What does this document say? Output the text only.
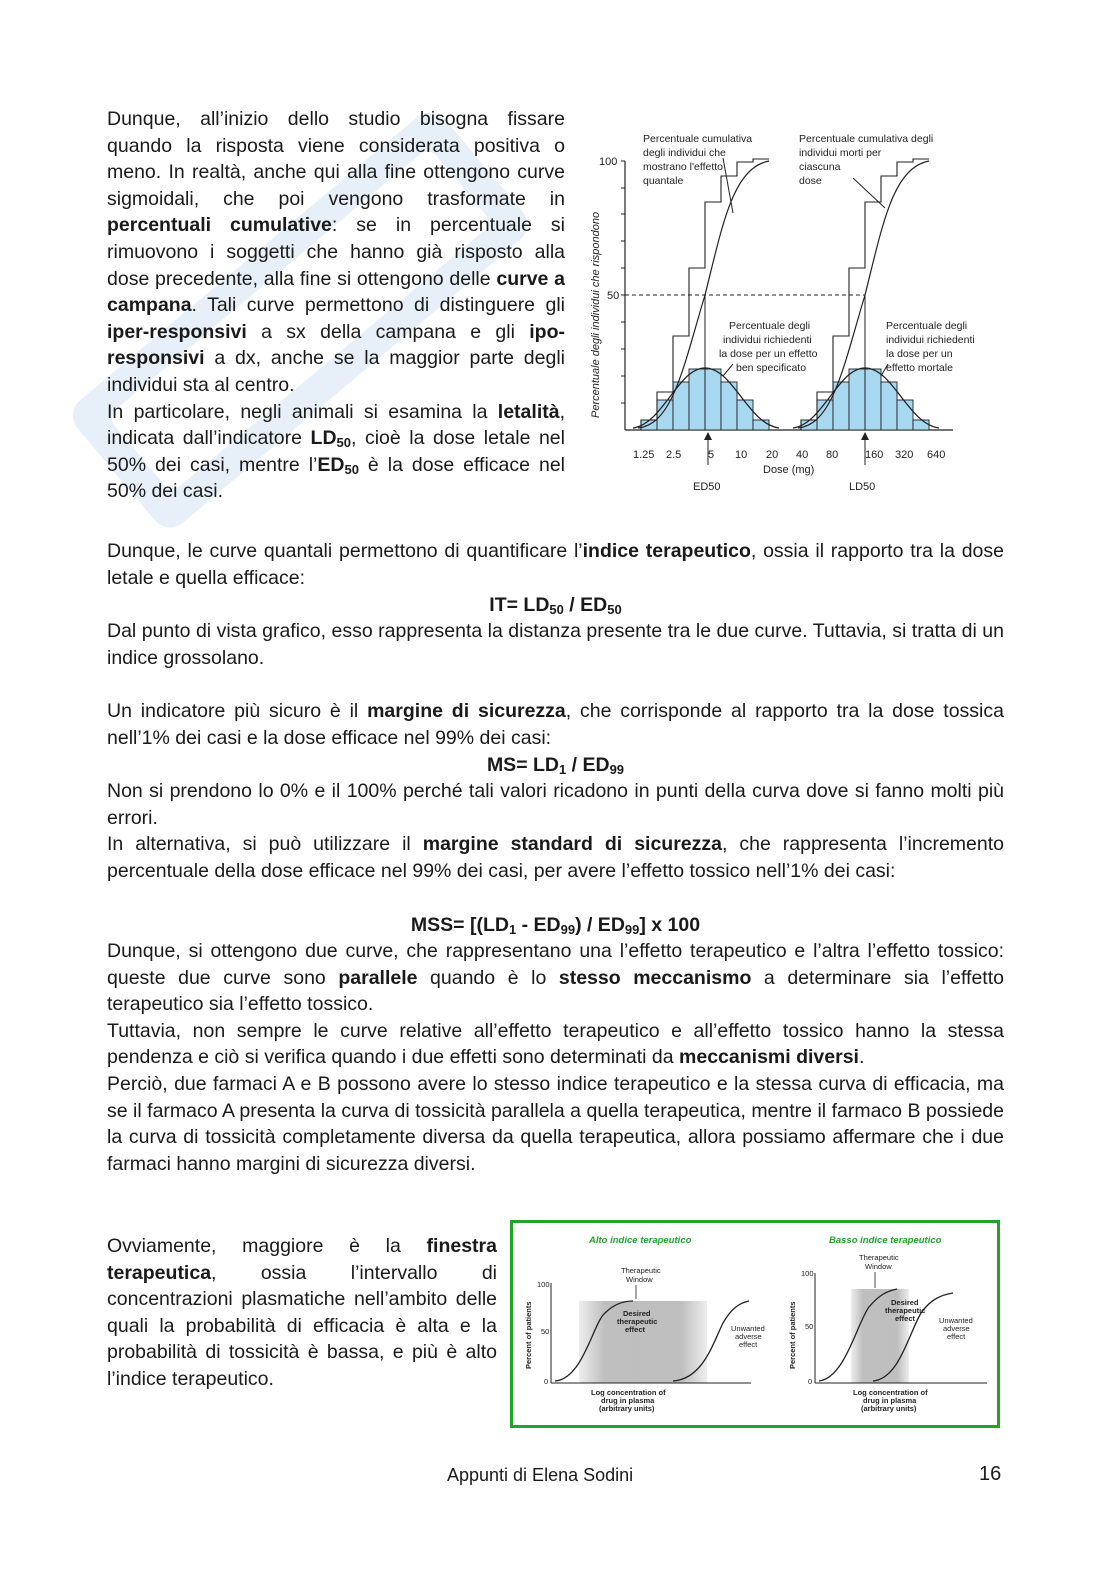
Dunque, all’inizio dello studio bisogna fissare quando la risposta viene considerata positiva o meno. In realtà, anche qui alla fine ottengono curve sigmoidali, che poi vengono trasformate in percentuali cumulative: se in percentuale si rimuovono i soggetti che hanno già risposto alla dose precedente, alla fine si ottengono delle curve a campana. Tali curve permettono di distinguere gli iper-responsivi a sx della campana e gli ipo-responsivi a dx, anche se la maggior parte degli individui sta al centro.
In particolare, negli animali si esamina la letalità, indicata dall’indicatore $LD_{50}$, cioè la dose letale nel 50% dei casi, mentre $l’ED_{50}$ è la dose efficace nel 50% dei casi.

Percentuale degli individui che rispondono
100
50
Percentuale cumulativa
degli individui che
mostrano l'effetto
quantale
Percentuale cumulativa degli
individui morti per
ciascuna
dose
Percentuale degli
individui richiedenti
la dose per un effetto
ben specificato
Percentuale degli
individui richiedenti
la dose per un
effetto mortale
1.25 2.5 5 10 20 40 80 160 320 640
Dose (mg)
ED50	LD50

Dunque, le curve quantali permettono di quantificare l’indice terapeutico, ossia il rapporto tra la dose letale e quella efficace:

$IT= LD_{50} / ED_{50}$

Dal punto di vista grafico, esso rappresenta la distanza presente tra le due curve. Tuttavia, si tratta di un indice grossolano.

Un indicatore più sicuro è il margine di sicurezza, che corrisponde al rapporto tra la dose tossica nell’1% dei casi e la dose efficace nel 99% dei casi:

$MS= LD_1 / ED_{99}$

Non si prendono lo 0% e il 100% perché tali valori ricadono in punti della curva dove si fanno molti più errori.
In alternativa, si può utilizzare il margine standard di sicurezza, che rappresenta l’incremento percentuale della dose efficace nel 99% dei casi, per avere l’effetto tossico nell’1% dei casi:

$MSS= [(LD_1 - ED_{99}) / ED_{99}]$ x 100

Dunque, si ottengono due curve, che rappresentano una l’effetto terapeutico e l’altra l’effetto tossico: queste due curve sono parallele quando è lo stesso meccanismo a determinare sia l’effetto terapeutico sia l’effetto tossico.
Tuttavia, non sempre le curve relative all’effetto terapeutico e all’effetto tossico hanno la stessa pendenza e ciò si verifica quando i due effetti sono determinati da meccanismi diversi.
Perciò, due farmaci A e B possono avere lo stesso indice terapeutico e la stessa curva di efficacia, ma se il farmaco A presenta la curva di tossicità parallela a quella terapeutica, mentre il farmaco B possiede la curva di tossicità completamente diversa da quella terapeutica, allora possiamo affermare che i due farmaci hanno margini di sicurezza diversi.

Ovviamente, maggiore è la finestra terapeutica, ossia l’intervallo di concentrazioni plasmatiche nell’ambito delle quali la probabilità di efficacia è alta e la probabilità di tossicità è bassa, e più è alto l’indice terapeutico.

Alto indice terapeutico
Therapeutic
Window
Percent of patients
100
50
0
Desired
therapeutic
effect	Unwanted
adverse
effect
Log concentration of
drug in plasma
(arbitrary units)
Basso indice terapeutico
Therapeutic
Window
Percent of patients
100
50
0
Desired
therapeutic
effect	Unwanted
adverse
effect
Log concentration of
drug in plasma
(arbitrary units)
Appunti di Elena Sodini	16
